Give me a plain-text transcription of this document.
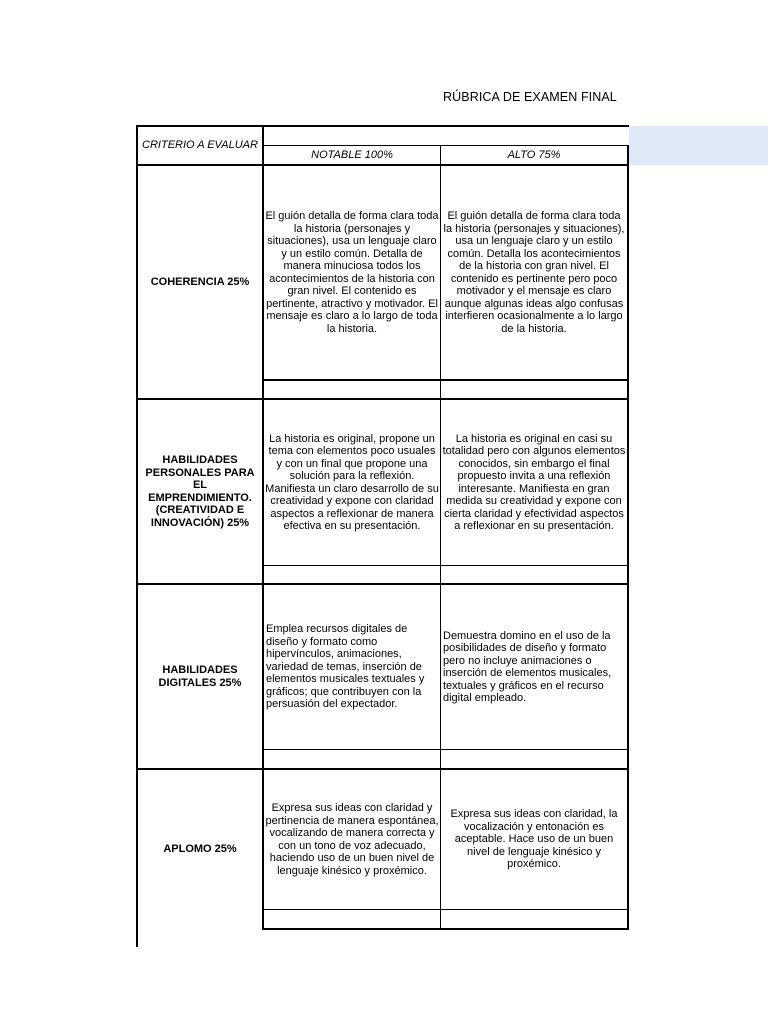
RÚBRICA DE EXAMEN FINAL
CRITERIO A EVALUAR
NOTABLE 100%	ALTO 75%
COHERENCIA 25%
El guión detalla de forma clara toda la historia (personajes y situaciones), usa un lenguaje claro y un estilo común. Detalla de manera minuciosa todos los acontecimientos de la historia con gran nivel. El contenido es pertinente, atractivo y motivador. El mensaje es claro a lo largo de toda la historia.
El guión detalla de forma clara toda la historia (personajes y situaciones), usa un lenguaje claro y un estilo común. Detalla los acontecimientos de la historia con gran nivel. El contenido es pertinente pero poco motivador y el mensaje es claro aunque algunas ideas algo confusas interfieren ocasionalmente a lo largo de la historia.
HABILIDADES PERSONALES PARA EL EMPRENDIMIENTO. (CREATIVIDAD E INNOVACIÓN) 25%
La historia es original, propone un tema con elementos poco usuales y con un final que propone una solución para la reflexión. Manifiesta un claro desarrollo de su creatividad y expone con claridad aspectos a reflexionar de manera efectiva en su presentación.
La historia es original en casi su totalidad pero con algunos elementos conocidos, sin embargo el final propuesto invita a una reflexión interesante. Manifiesta en gran medida su creatividad y expone con cierta claridad y efectividad aspectos a reflexionar en su presentación.
HABILIDADES DIGITALES 25%
Emplea recursos digitales de diseño y formato como hipervínculos, animaciones, variedad de temas, inserción de elementos musicales textuales y gráficos; que contribuyen con la persuasión del expectador.
Demuestra domino en el uso de la posibilidades de diseño y formato pero no incluye animaciones o inserción de elementos musicales, textuales y gráficos en el recurso digital empleado.
APLOMO 25%
Expresa sus ideas con claridad y pertinencia de manera espontánea, vocalizando de manera correcta y con un tono de voz adecuado, haciendo uso de un buen nivel de lenguaje kinésico y proxémico.
Expresa sus ideas con claridad, la vocalización y entonación es aceptable. Hace uso de un buen nivel de lenguaje kinésico y proxémico.
